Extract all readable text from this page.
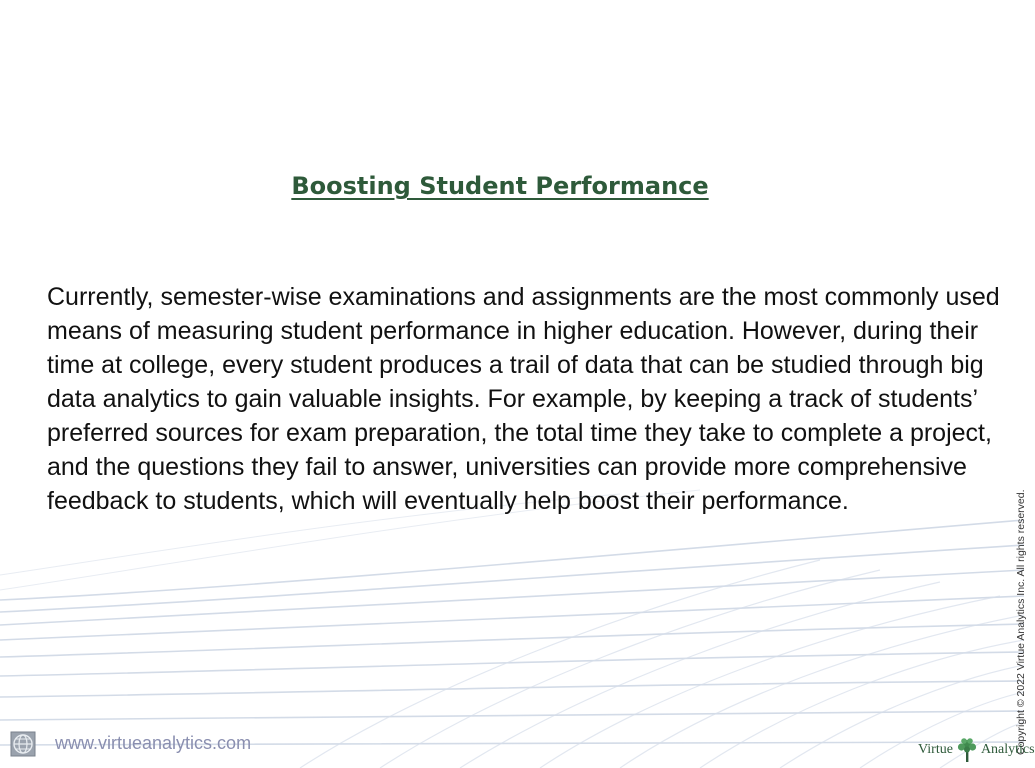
Boosting Student Performance

Currently, semester-wise examinations and assignments are the most commonly used means of measuring student performance in higher education. However, during their time at college, every student produces a trail of data that can be studied through big data analytics to gain valuable insights. For example, by keeping a track of students’ preferred sources for exam preparation, the total time they take to complete a project, and the questions they fail to answer, universities can provide more comprehensive feedback to students, which will eventually help boost their performance.	Copyright © 2022 Virtue Analytics Inc. All rights reserved.
www.virtueanalytics.com	Virtue Analytics
